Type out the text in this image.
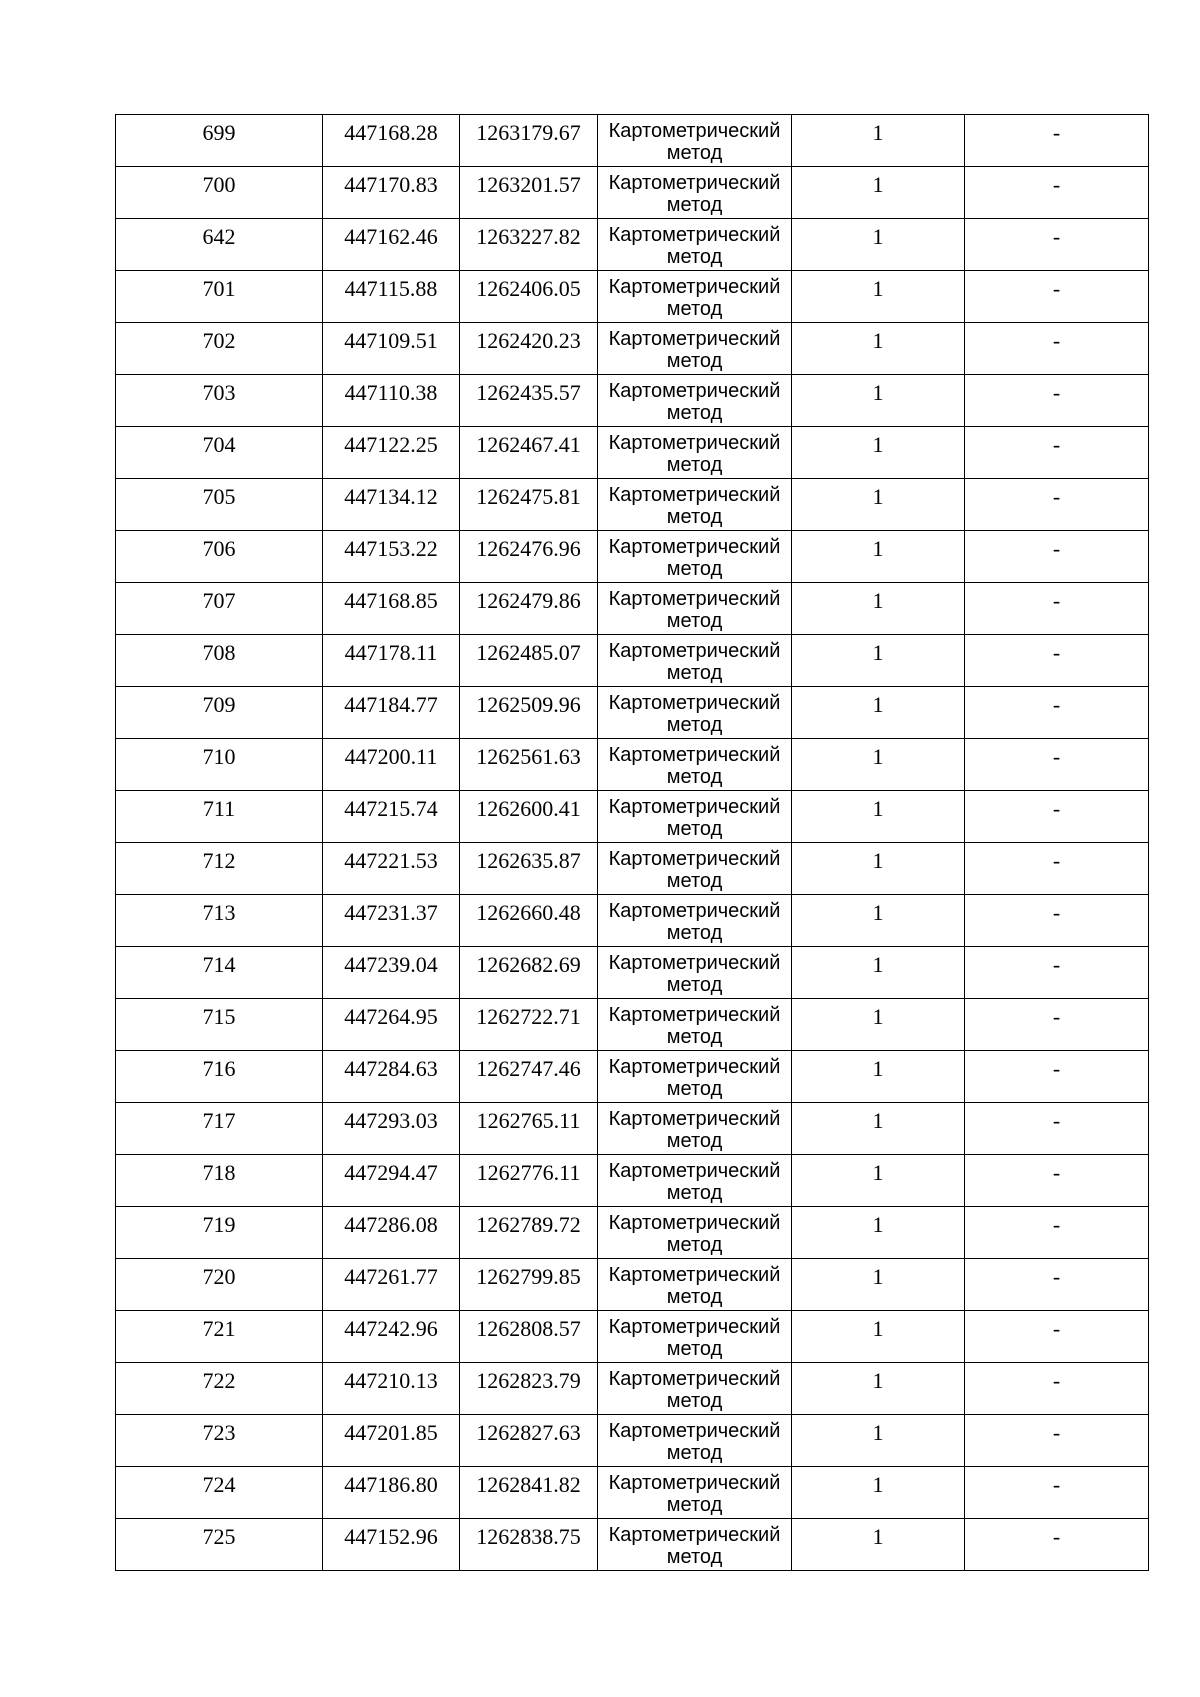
699	447168.28	1263179.67	Картометрический
метод	1	-
700	447170.83	1263201.57	Картометрический
метод	1	-
642	447162.46	1263227.82	Картометрический
метод	1	-
701	447115.88	1262406.05	Картометрический
метод	1	-
702	447109.51	1262420.23	Картометрический
метод	1	-
703	447110.38	1262435.57	Картометрический
метод	1	-
704	447122.25	1262467.41	Картометрический
метод	1	-
705	447134.12	1262475.81	Картометрический
метод	1	-
706	447153.22	1262476.96	Картометрический
метод	1	-
707	447168.85	1262479.86	Картометрический
метод	1	-
708	447178.11	1262485.07	Картометрический
метод	1	-
709	447184.77	1262509.96	Картометрический
метод	1	-
710	447200.11	1262561.63	Картометрический
метод	1	-
711	447215.74	1262600.41	Картометрический
метод	1	-
712	447221.53	1262635.87	Картометрический
метод	1	-
713	447231.37	1262660.48	Картометрический
метод	1	-
714	447239.04	1262682.69	Картометрический
метод	1	-
715	447264.95	1262722.71	Картометрический
метод	1	-
716	447284.63	1262747.46	Картометрический
метод	1	-
717	447293.03	1262765.11	Картометрический
метод	1	-
718	447294.47	1262776.11	Картометрический
метод	1	-
719	447286.08	1262789.72	Картометрический
метод	1	-
720	447261.77	1262799.85	Картометрический
метод	1	-
721	447242.96	1262808.57	Картометрический
метод	1	-
722	447210.13	1262823.79	Картометрический
метод	1	-
723	447201.85	1262827.63	Картометрический
метод	1	-
724	447186.80	1262841.82	Картометрический
метод	1	-
725	447152.96	1262838.75	Картометрический
метод	1	-
